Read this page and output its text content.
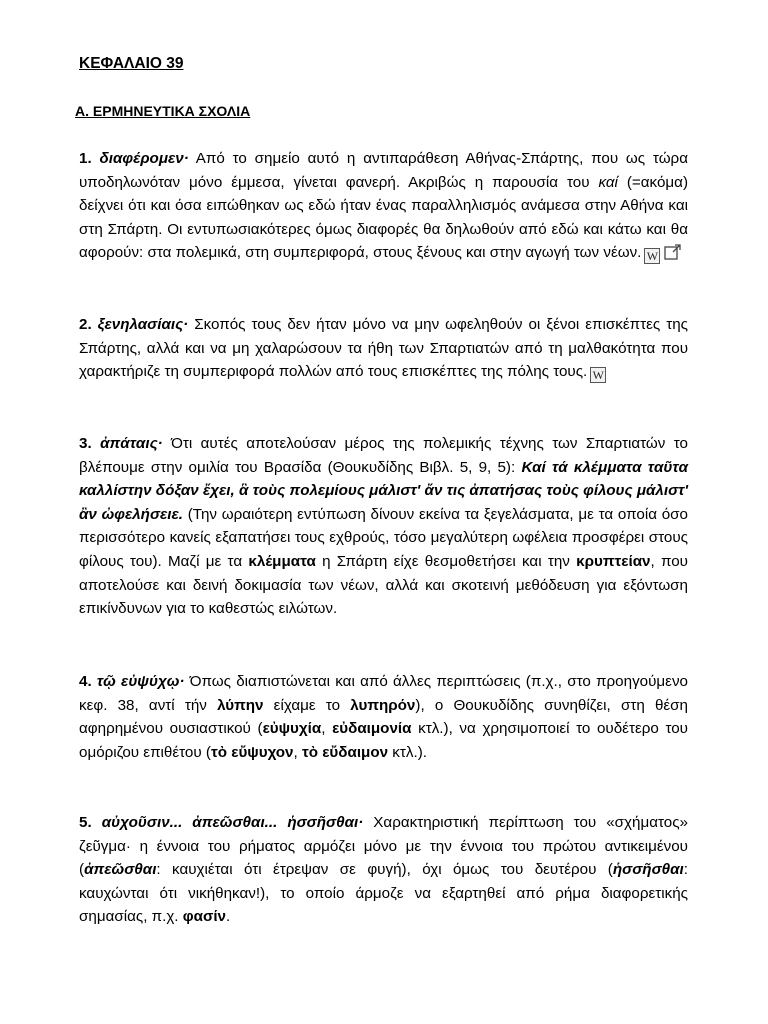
ΚΕΦΑΛΑΙΟ 39
Α. ΕΡΜΗΝΕΥΤΙΚΑ ΣΧΟΛΙΑ

1. διαφέρομεν· Από το σημείο αυτό η αντιπαράθεση Αθήνας-Σπάρτης, που ως τώρα υποδηλωνόταν μόνο έμμεσα, γίνεται φανερή. Ακριβώς η παρουσία του καί (=ακόμα) δείχνει ότι και όσα ειπώθηκαν ως εδώ ήταν ένας παραλληλισμός ανάμεσα στην Αθήνα και στη Σπάρτη. Οι εντυπωσιακότερες όμως διαφορές θα δηλωθούν από εδώ και κάτω και θα αφορούν: στα πολεμικά, στη συμπεριφορά, στους ξένους και στην αγωγή των νέων. W

2. ξενηλασίαις· Σκοπός τους δεν ήταν μόνο να μην ωφεληθούν οι ξένοι επισκέπτες της Σπάρτης, αλλά και να μη χαλαρώσουν τα ήθη των Σπαρτιατών από τη μαλθακότητα που χαρακτήριζε τη συμπεριφορά πολλών από τους επισκέπτες της πόλης τους. W

3. ἀπάταις· Ότι αυτές αποτελούσαν μέρος της πολεμικής τέχνης των Σπαρτιατών το βλέπουμε στην ομιλία του Βρασίδα (Θουκυδίδης Βιβλ. 5, 9, 5): Καί τά κλέμματα ταῦτα καλλίστην δόξαν ἔχει, ἃ τοὺς πολεμίους μάλιστ' ἄν τις ἀπατήσας τοὺς φίλους μάλιστ' ἂν ὠφελήσειε. (Την ωραιότερη εντύπωση δίνουν εκείνα τα ξεγελάσματα, με τα οποία όσο περισσότερο κανείς εξαπατήσει τους εχθρούς, τόσο μεγαλύτερη ωφέλεια προσφέρει στους φίλους του). Μαζί με τα κλέμματα η Σπάρτη είχε θεσμοθετήσει και την κρυπτείαν, που αποτελούσε και δεινή δοκιμασία των νέων, αλλά και σκοτεινή μεθόδευση για εξόντωση επικίνδυνων για το καθεστώς ειλώτων.

4. τῷ εὐψύχῳ· Όπως διαπιστώνεται και από άλλες περιπτώσεις (π.χ., στο προηγούμενο κεφ. 38, αντί τήν λύπην είχαμε το λυπηρόν), ο Θουκυδίδης συνηθίζει, στη θέση αφηρημένου ουσιαστικού (εὐψυχία, εὐδαιμονία κτλ.), να χρησιμοποιεί το ουδέτερο του ομόριζου επιθέτου (τὸ εὔψυχον, τὸ εὔδαιμον κτλ.).

5. αὐχοῦσιν... ἀπεῶσθαι... ἡσσῆσθαι· Χαρακτηριστική περίπτωση του «σχήματος» ζεῦγμα· η έννοια του ρήματος αρμόζει μόνο με την έννοια του πρώτου αντικειμένου (ἀπεῶσθαι: καυχιέται ότι έτρεψαν σε φυγή), όχι όμως του δευτέρου (ἡσσῆσθαι: καυχώνται ότι νικήθηκαν!), το οποίο άρμοζε να εξαρτηθεί από ρήμα διαφορετικής σημασίας, π.χ. φασίν.
